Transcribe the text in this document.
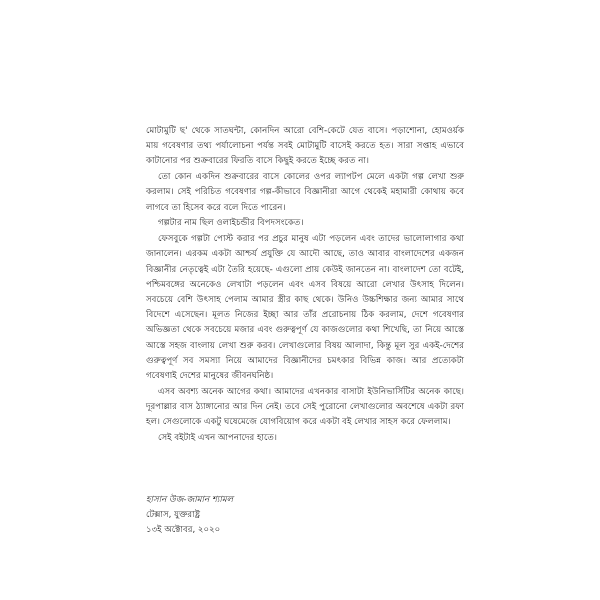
মোটামুটি ছ' থেকে সাতঘন্টা, কোনদিন আরো বেশি-কেটে যেত বাসে। পড়াশোনা, হোমওর্য়ক মায় গবেষণার তথ্য পর্যালোচনা পর্যন্ত সবই মোটামুটি বাসেই করতে হত। সারা সপ্তাহ এভাবে কাটানোর পর শুক্রবারের ফিরতি বাসে কিছুই করতে ইচ্ছে করত না।

তো কোন একদিন শুক্রবারের বাসে কোলের ওপর ল্যাপটপ মেলে একটা গল্প লেখা শুরু করলাম। সেই পরিচিত গবেষণার গল্প-কীভাবে বিজ্ঞানীরা আগে থেকেই মহামারী কোথায় কবে লাগবে তা হিসেব করে বলে দিতে পারেন।

গল্পটার নাম ছিল ওলাইচন্ডীর বিপদসংকেত।

ফেসবুকে গল্পটা পোস্ট করার পর প্রচুর মানুষ এটা পড়লেন এবং তাদের ভালোলাগার কথা জানালেন। এরকম একটা আশ্চর্য প্রযুক্তি যে আদৌ আছে, তাও আবার বাংলাদেশের একজন বিজ্ঞানীর নেতৃত্বেই এটা তৈরি হয়েছে- এগুলো প্রায় কেউই জানতেন না। বাংলাদেশ তো বটেই, পশ্চিমবঙ্গের অনেকেও লেখাটা পড়লেন এবং এসব বিষয়ে আরো লেখার উৎসাহ দিলেন। সবচেয়ে বেশি উৎসাহ পেলাম আমার স্ত্রীর কাছ থেকে। উনিও উচ্চশিক্ষার জন্য আমার সাথে বিদেশে এসেছেন। মূলত নিজের ইচ্ছা আর তাঁর প্ররোচনায় ঠিক করলাম, দেশে গবেষণার অভিজ্ঞতা থেকে সবচেয়ে মজার এবং গুরুত্বপূর্ণ যে কাজগুলোর কথা শিখেছি, তা নিয়ে আস্তে আস্তে সহজ বাংলায় লেখা শুরু করব। লেখাগুলোর বিষয় আলাদা, কিন্তু মূল সুর একই-দেশের গুরুত্বপূর্ণ সব সমস্যা নিয়ে আমাদের বিজ্ঞানীদের চমৎকার বিভিন্ন কাজ। আর প্রত্যেকটা গবেষণাই দেশের মানুষের জীবনঘনিষ্ঠ।

এসব অবশ্য অনেক আগের কথা। আমাদের এখনকার বাসাটা ইউনিভার্সিটির অনেক কাছে। দূরপাল্লার বাস ঠ্যাঙ্গানোর আর দিন নেই। তবে সেই পুরোনো লেখাগুলোর অবশেষে একটা রফা হল। সেগুলোকে একটু ঘষেমেজে যোগবিয়োগ করে একটা বই লেখার সাহস করে ফেললাম।

সেই বইটাই এখন আপনাদের হাতে।

হাসান উজ-জামান শ্যামল
টেক্সাস, যুক্তরাষ্ট্র
১৩ই অক্টোবর, ২০২০
